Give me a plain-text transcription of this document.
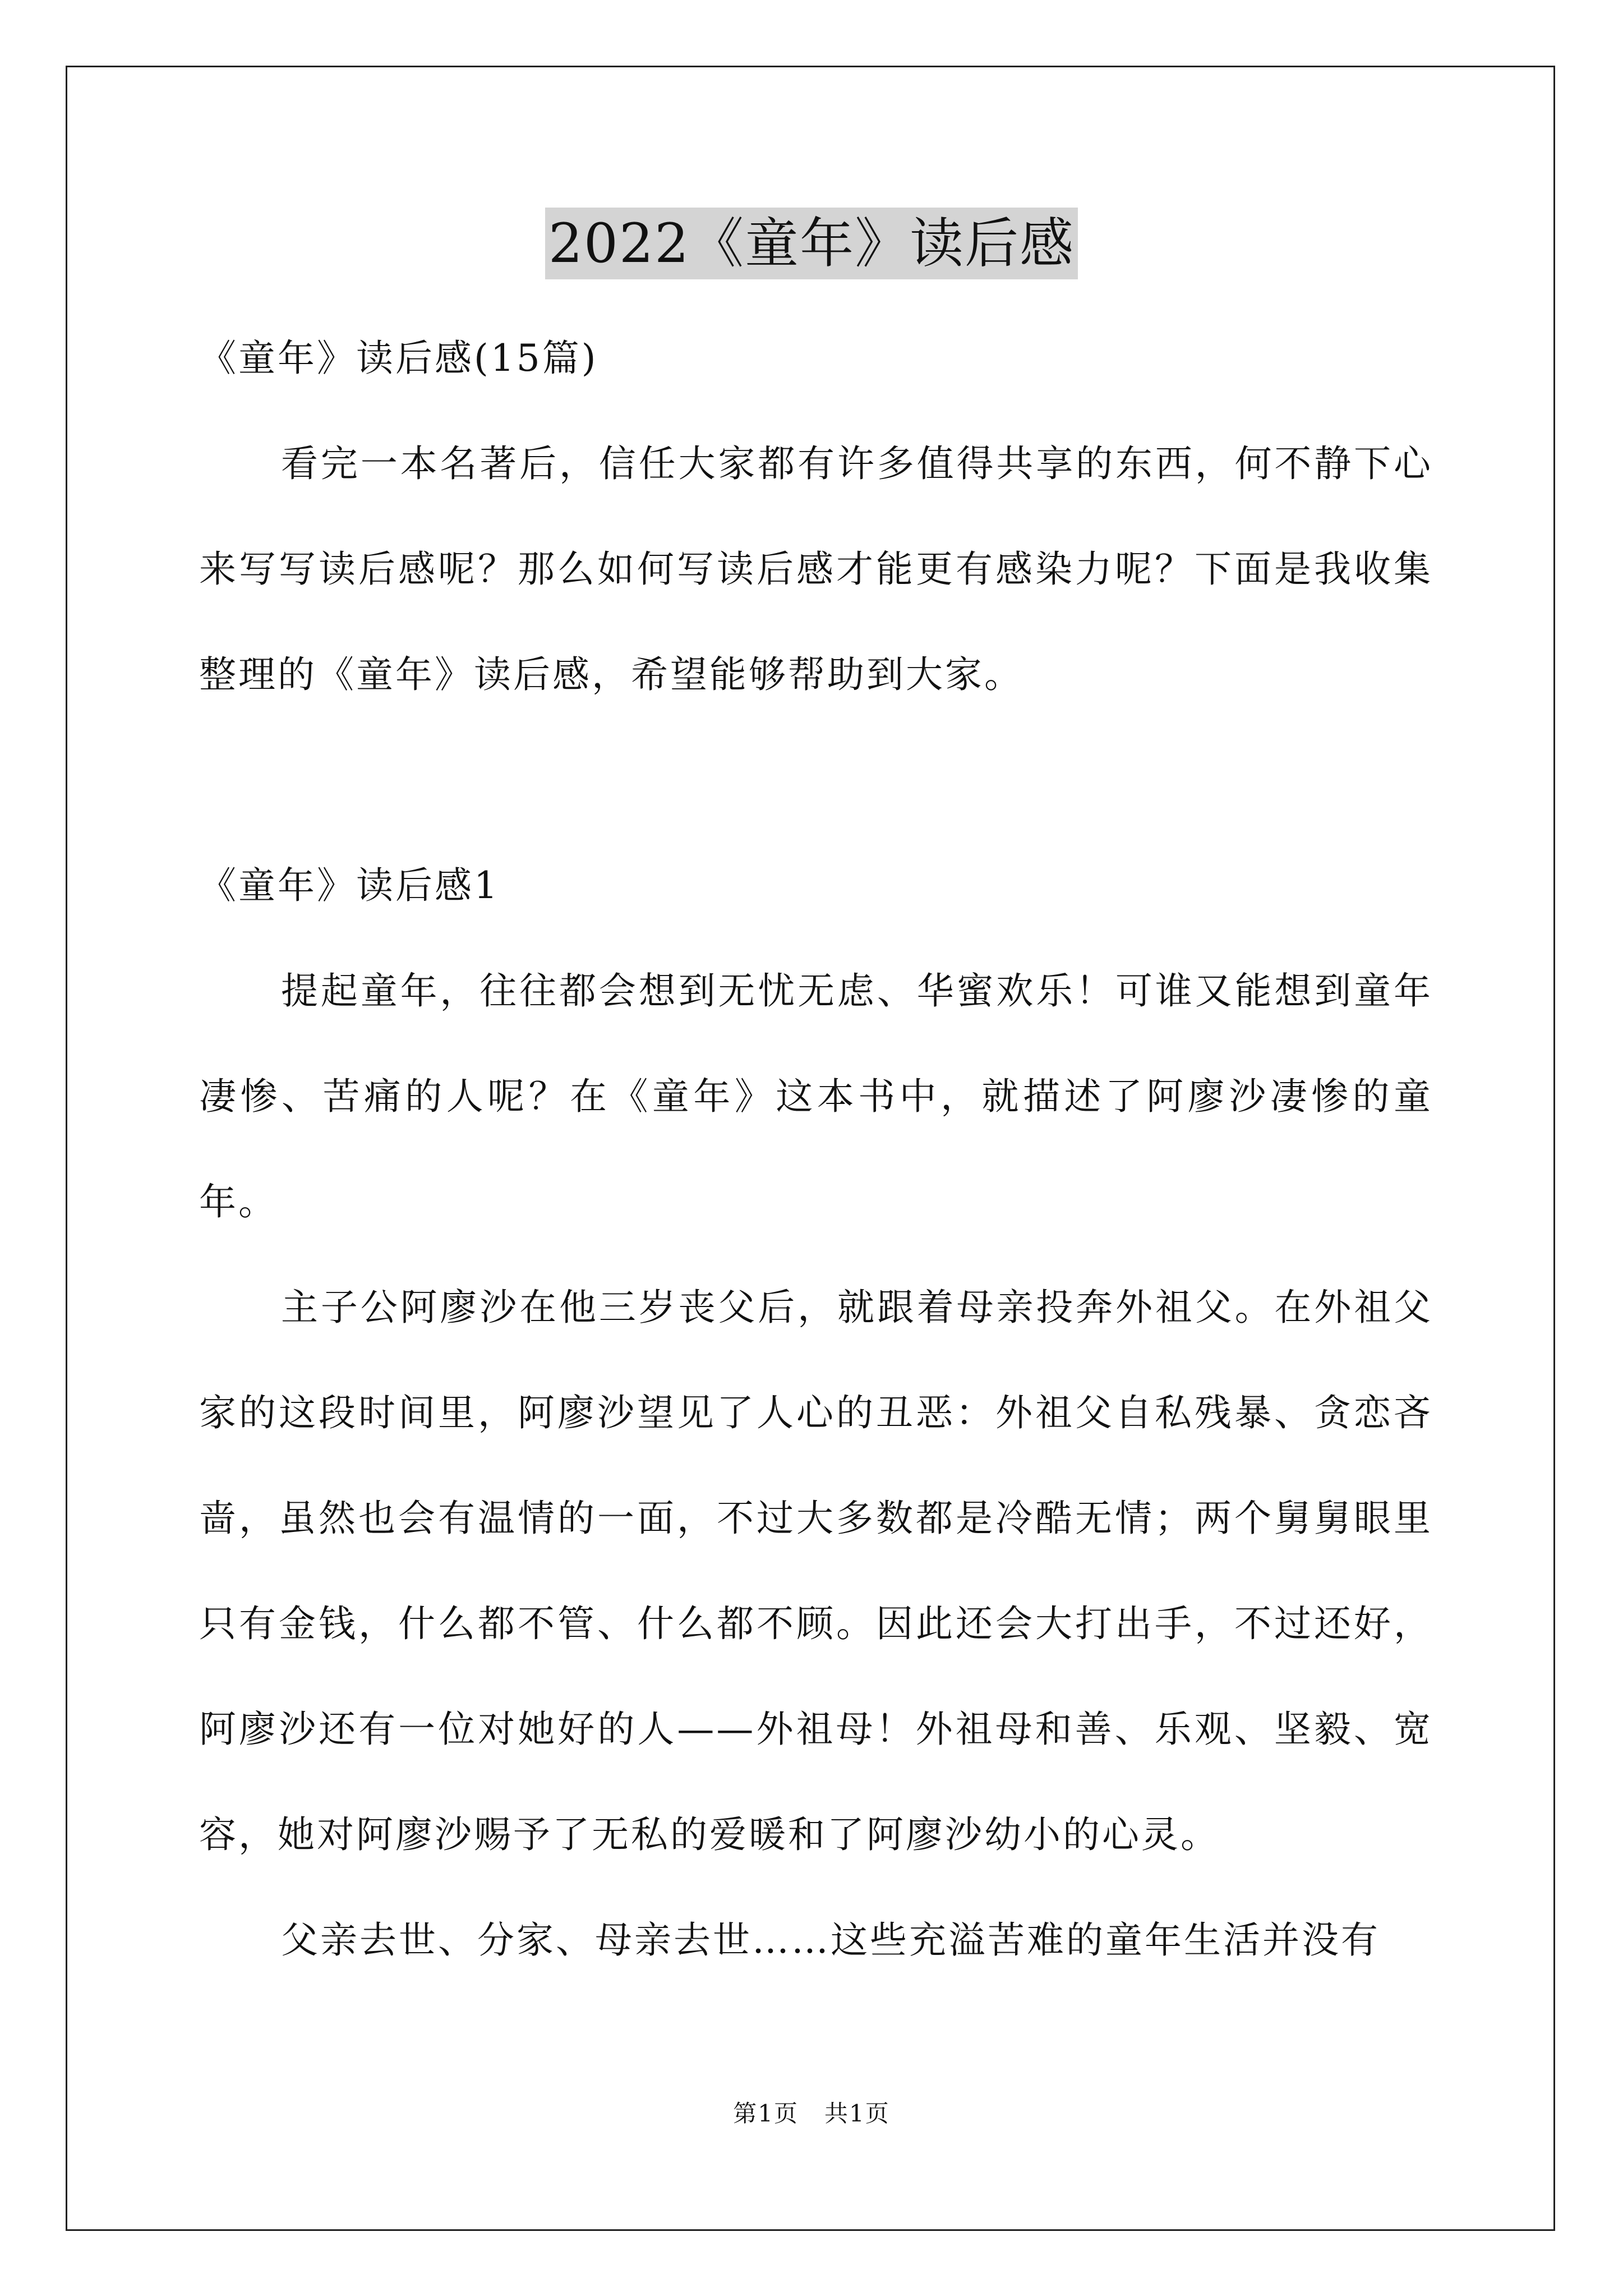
2022《童年》读后感

《童年》读后感(15篇)

看完一本名著后，信任大家都有许多值得共享的东西，何不静下心来写写读后感呢？那么如何写读后感才能更有感染力呢？下面是我收集整理的《童年》读后感，希望能够帮助到大家。

《童年》读后感1

提起童年，往往都会想到无忧无虑、华蜜欢乐！可谁又能想到童年凄惨、苦痛的人呢？在《童年》这本书中，就描述了阿廖沙凄惨的童年。

主子公阿廖沙在他三岁丧父后，就跟着母亲投奔外祖父。在外祖父家的这段时间里，阿廖沙望见了人心的丑恶：外祖父自私残暴、贪恋吝啬，虽然也会有温情的一面，不过大多数都是冷酷无情；两个舅舅眼里只有金钱，什么都不管、什么都不顾。因此还会大打出手，不过还好，阿廖沙还有一位对她好的人——外祖母！外祖母和善、乐观、坚毅、宽容，她对阿廖沙赐予了无私的爱暖和了阿廖沙幼小的心灵。

父亲去世、分家、母亲去世……这些充溢苦难的童年生活并没有

第1页   共1页
